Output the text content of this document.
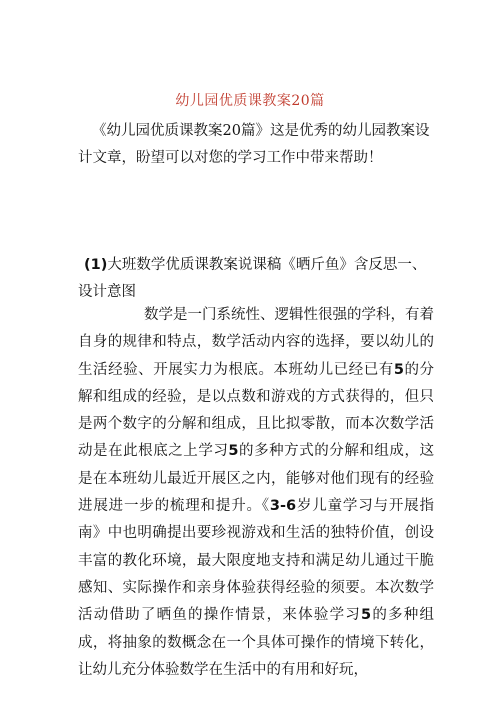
幼儿园优质课教案20篇
《幼儿园优质课教案20篇》这是优秀的幼儿园教案设计文章，盼望可以对您的学习工作中带来帮助！
(1)大班数学优质课教案说课稿《晒斤鱼》含反思一、设计意图
数学是一门系统性、逻辑性很强的学科，有着自身的规律和特点，数学活动内容的选择，要以幼儿的生活经验、开展实力为根底。本班幼儿已经已有5的分解和组成的经验，是以点数和游戏的方式获得的，但只是两个数字的分解和组成，且比拟零散，而本次数学活动是在此根底之上学习5的多种方式的分解和组成，这是在本班幼儿最近开展区之内，能够对他们现有的经验进展进一步的梳理和提升。《3-6岁儿童学习与开展指南》中也明确提出要珍视游戏和生活的独特价值，创设丰富的教化环境，最大限度地支持和满足幼儿通过干脆感知、实际操作和亲身体验获得经验的须要。本次数学活动借助了晒鱼的操作情景，来体验学习5的多种组成，将抽象的数概念在一个具体可操作的情境下转化，让幼儿充分体验数学在生活中的有用和好玩，
